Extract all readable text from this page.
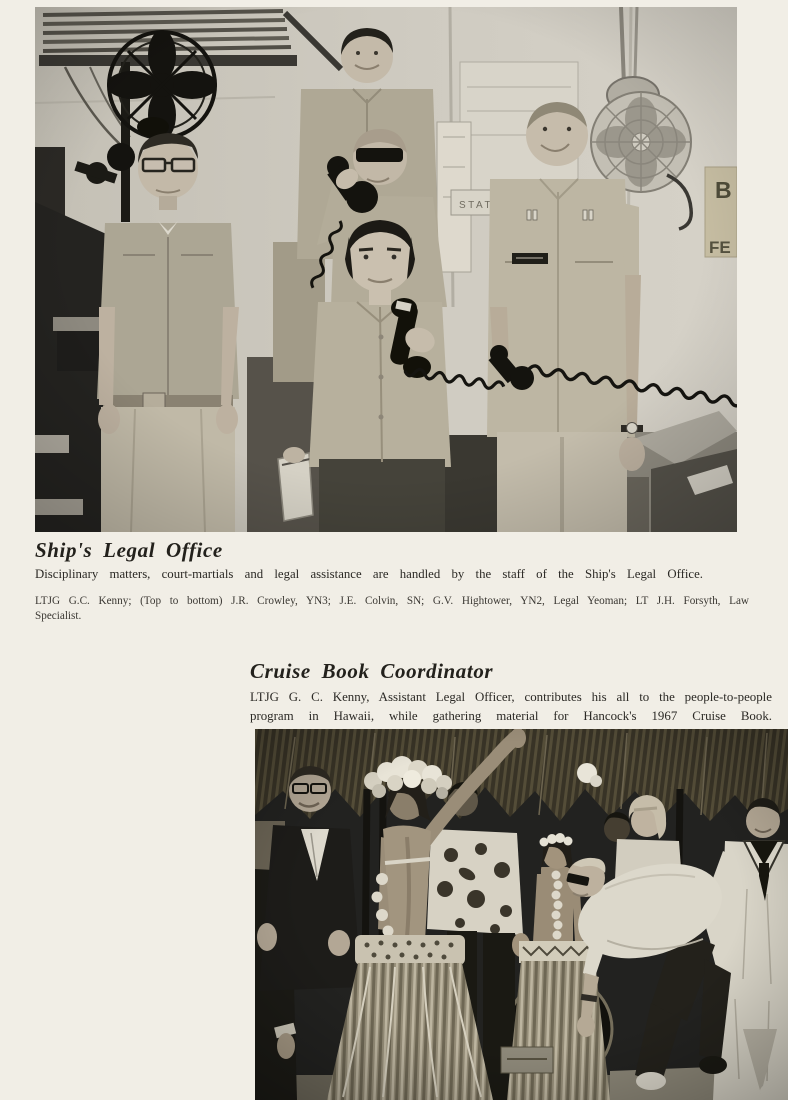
Ship's Legal Office

Disciplinary matters, court-martials and legal assistance are handled by the staff of the Ship's Legal Office.

LTJG G.C. Kenny; (Top to bottom) J.R. Crowley, YN3; J.E. Colvin, SN; G.V. Hightower, YN2, Legal Yeoman; LT J.H. Forsyth, Law

Specialist.

Cruise Book Coordinator

LTJG G. C. Kenny, Assistant Legal Officer, contributes his all to the people-to-people

program in Hawaii, while gathering material for Hancock's 1967 Cruise Book.
